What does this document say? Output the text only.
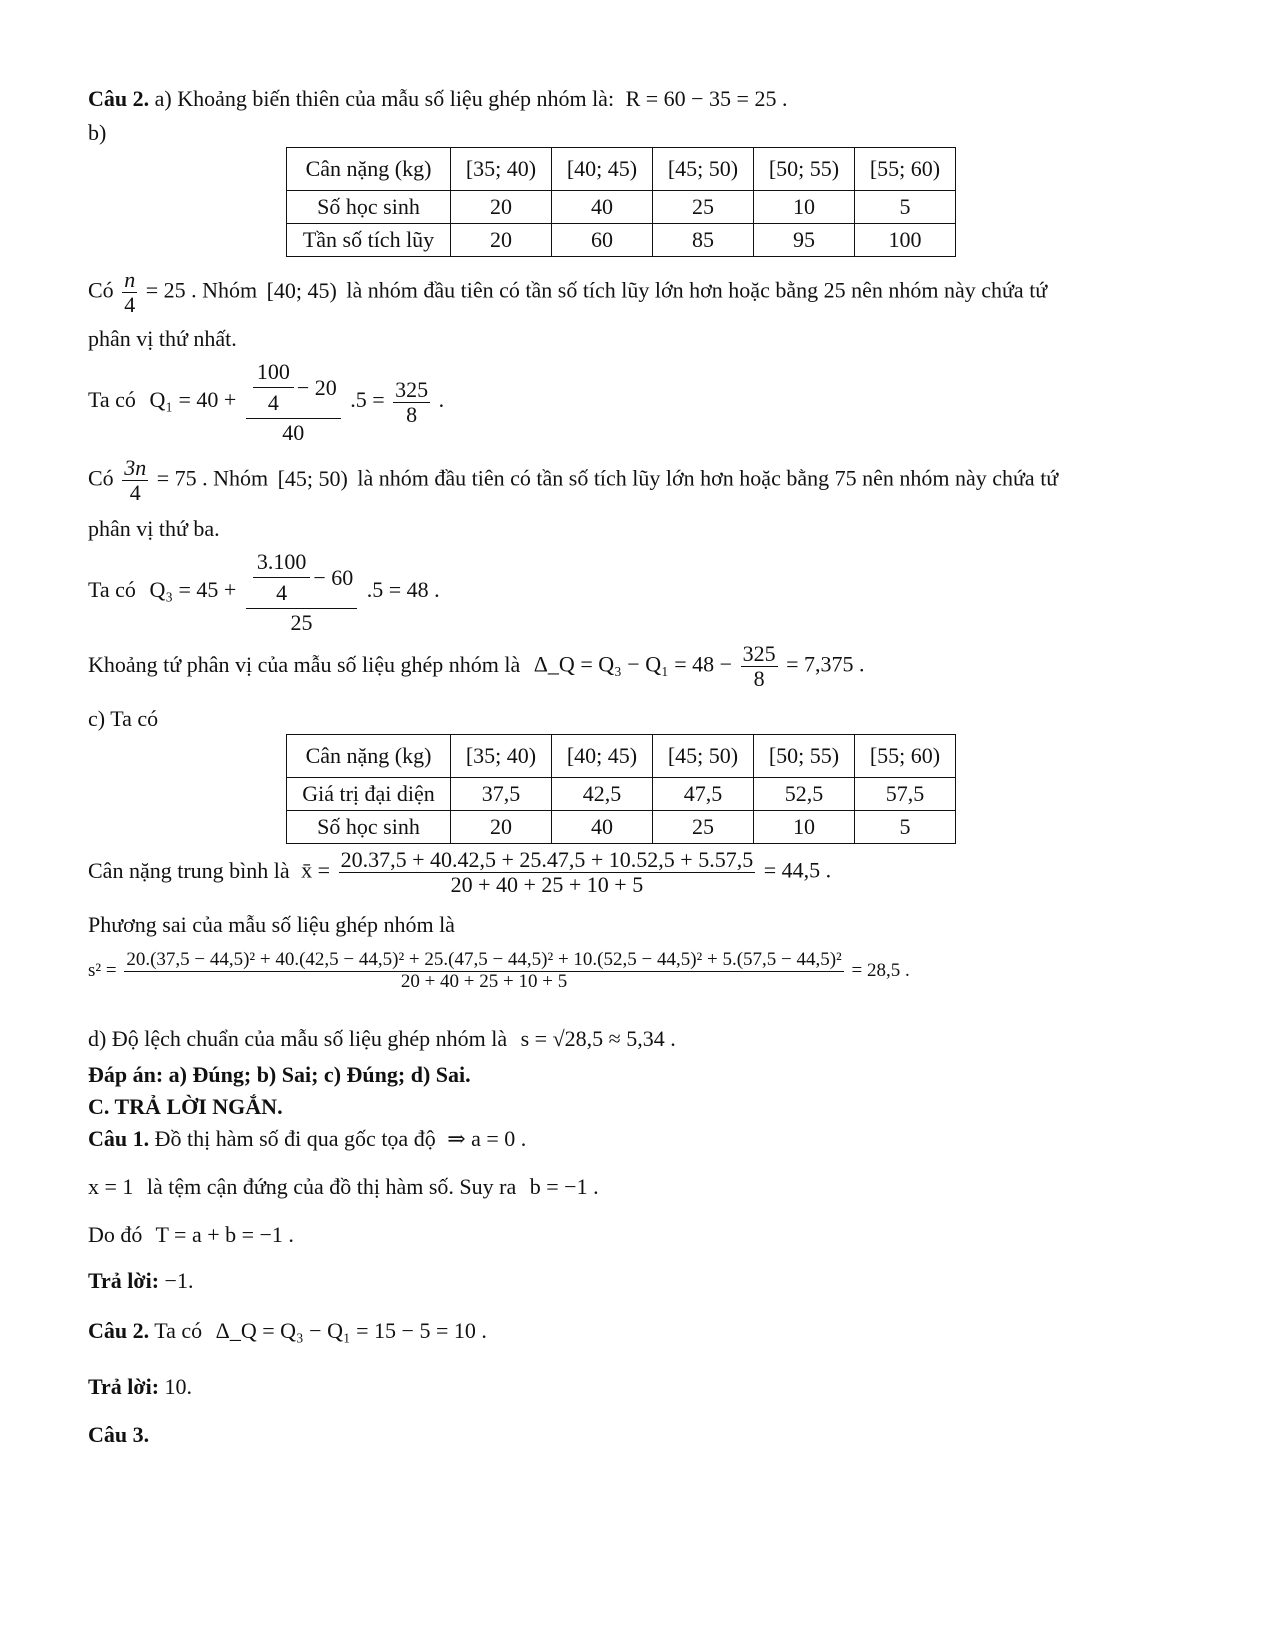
Câu 2. a) Khoảng biến thiên của mẫu số liệu ghép nhóm là: R = 60 − 35 = 25 .
b)
Cân nặng (kg)	[35; 40)	[40; 45)	[45; 50)	[50; 55)	[55; 60)
Số học sinh	20	40	25	10	5
Tần số tích lũy	20	60	85	95	100
Có $\frac{n}{4} = 25$ . Nhóm [40; 45) là nhóm đầu tiên có tần số tích lũy lớn hơn hoặc bằng 25 nên nhóm này chứa tứ
phân vị thứ nhất.
Ta có $Q_1 = 40 + \frac{\frac{100}{4} - 20}{40} .5 = \frac{325}{8}$ .
Có $\frac{3n}{4} = 75$ . Nhóm [45; 50) là nhóm đầu tiên có tần số tích lũy lớn hơn hoặc bằng 75 nên nhóm này chứa tứ
phân vị thứ ba.
Ta có $Q_3 = 45 + \frac{\frac{3.100}{4} - 60}{25} .5 = 48$ .
Khoảng tứ phân vị của mẫu số liệu ghép nhóm là Δ_Q = $Q_3 - Q_1 = 48 - \frac{325}{8} = 7,375$ .
c) Ta có
Cân nặng (kg)	[35; 40)	[40; 45)	[45; 50)	[50; 55)	[55; 60)
Giá trị đại diện	37,5	42,5	47,5	52,5	57,5
Số học sinh	20	40	25	10	5
Cân nặng trung bình là x̄ = $\frac{20.37,5 + 40.42,5 + 25.47,5 + 10.52,5 + 5.57,5}{20 + 40 + 25 + 10 + 5} = 44,5$ .
Phương sai của mẫu số liệu ghép nhóm là
s² =
20.(37,5 − 44,5)² + 40.(42,5 − 44,5)² + 25.(47,5 − 44,5)² + 10.(52,5 − 44,5)² + 5.(57,5 − 44,5)²
20 + 40 + 25 + 10 + 5
= 28,5 .
d) Độ lệch chuẩn của mẫu số liệu ghép nhóm là s = √28,5 ≈ 5,34 .
Đáp án: a) Đúng; b) Sai; c) Đúng; d) Sai.
C. TRẢ LỜI NGẮN.
Câu 1. Đồ thị hàm số đi qua gốc tọa độ ⇒ a = 0 .
x = 1 là tệm cận đứng của đồ thị hàm số. Suy ra b = −1 .
Do đó T = a + b = −1 .
Trả lời: −1.
Câu 2. Ta có Δ_Q = Q₃ − Q₁ = 15 − 5 = 10 .
Trả lời: 10.
Câu 3.
